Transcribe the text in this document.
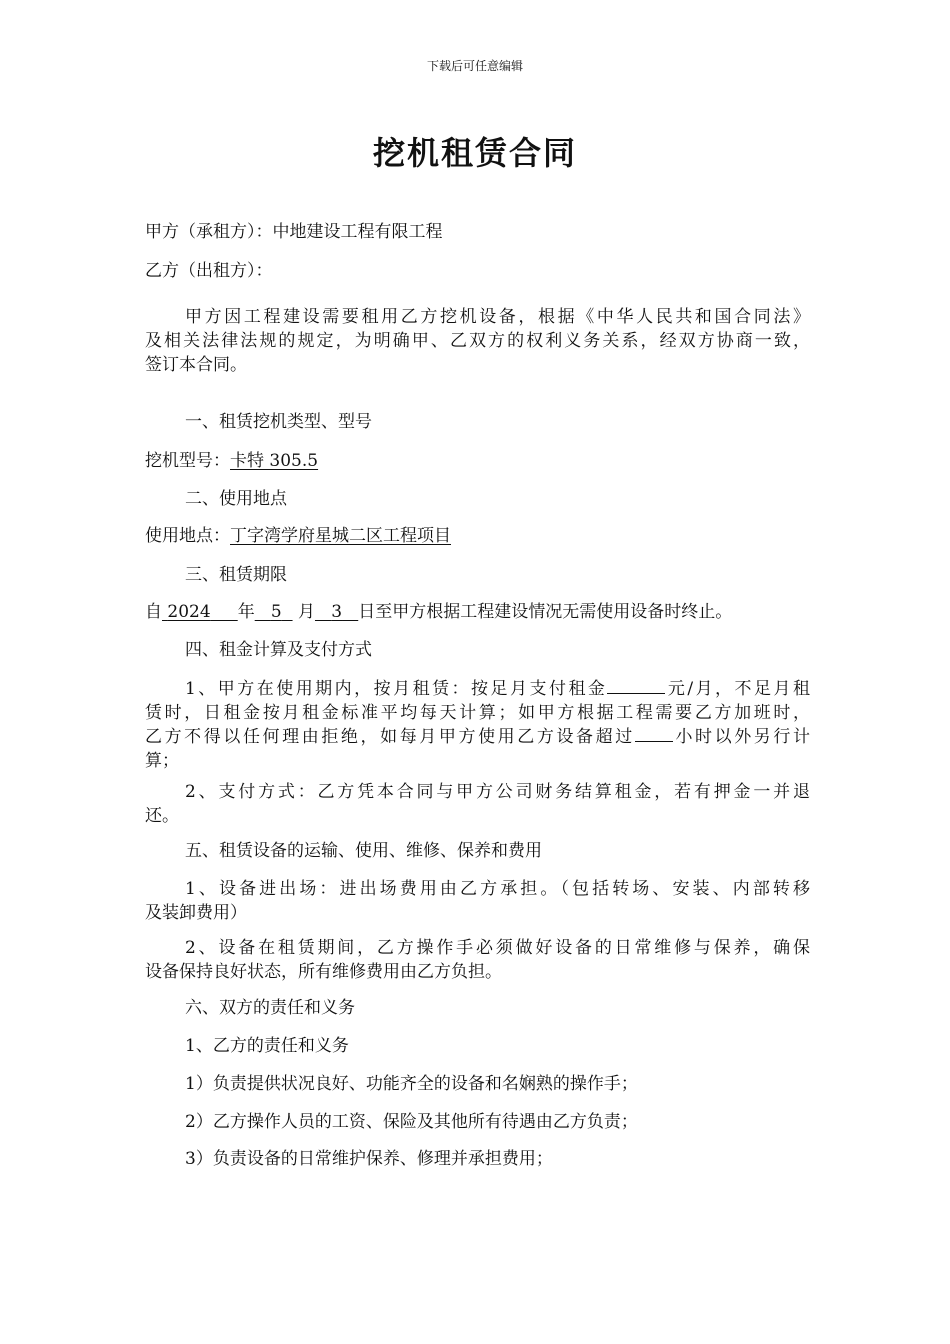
下载后可任意编辑
挖机租赁合同
甲方（承租方）：中地建设工程有限工程
乙方（出租方）：
甲方因工程建设需要租用乙方挖机设备，根据《中华人民共和国合同法》
及相关法律法规的规定，为明确甲、乙双方的权利义务关系，经双方协商一致，
签订本合同。
一、租赁挖机类型、型号
挖机型号：卡特 305.5
二、使用地点
使用地点：丁字湾学府星城二区工程项目
三、租赁期限
自 2024 年 5 月 3 日至甲方根据工程建设情况无需使用设备时终止。
四、租金计算及支付方式
1、甲方在使用期内，按月租赁：按足月支付租金	元/月，不足月租
赁时，日租金按月租金标准平均每天计算；如甲方根据工程需要乙方加班时，
乙方不得以任何理由拒绝，如每月甲方使用乙方设备超过 小时以外另行计
算；
2、支付方式：乙方凭本合同与甲方公司财务结算租金，若有押金一并退
还。
五、租赁设备的运输、使用、维修、保养和费用
1、设备进出场：进出场费用由乙方承担。（包括转场、安装、内部转移
及装卸费用）
2、设备在租赁期间，乙方操作手必须做好设备的日常维修与保养，确保
设备保持良好状态，所有维修费用由乙方负担。
六、双方的责任和义务
1、乙方的责任和义务
1）负责提供状况良好、功能齐全的设备和名娴熟的操作手；
2）乙方操作人员的工资、保险及其他所有待遇由乙方负责；
3）负责设备的日常维护保养、修理并承担费用；
